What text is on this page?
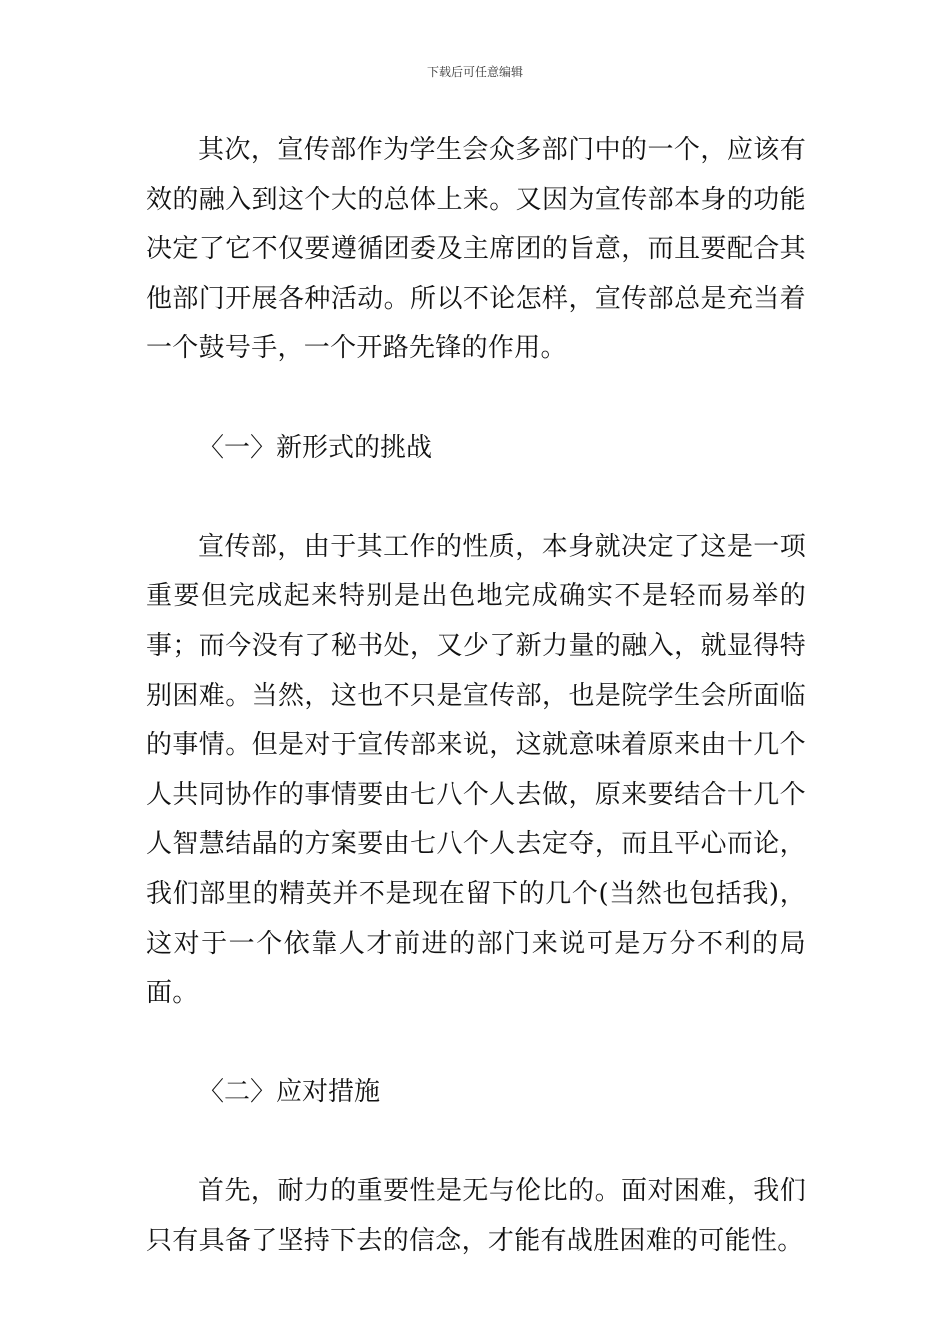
下载后可任意编辑

其次，宣传部作为学生会众多部门中的一个，应该有效的融入到这个大的总体上来。又因为宣传部本身的功能决定了它不仅要遵循团委及主席团的旨意，而且要配合其他部门开展各种活动。所以不论怎样，宣传部总是充当着一个鼓号手，一个开路先锋的作用。

〈一〉新形式的挑战

宣传部，由于其工作的性质，本身就决定了这是一项重要但完成起来特别是出色地完成确实不是轻而易举的事；而今没有了秘书处，又少了新力量的融入，就显得特别困难。当然，这也不只是宣传部，也是院学生会所面临的事情。但是对于宣传部来说，这就意味着原来由十几个人共同协作的事情要由七八个人去做，原来要结合十几个人智慧结晶的方案要由七八个人去定夺，而且平心而论，我们部里的精英并不是现在留下的几个(当然也包括我)，这对于一个依靠人才前进的部门来说可是万分不利的局面。

〈二〉应对措施

首先，耐力的重要性是无与伦比的。面对困难，我们只有具备了坚持下去的信念，才能有战胜困难的可能性。
